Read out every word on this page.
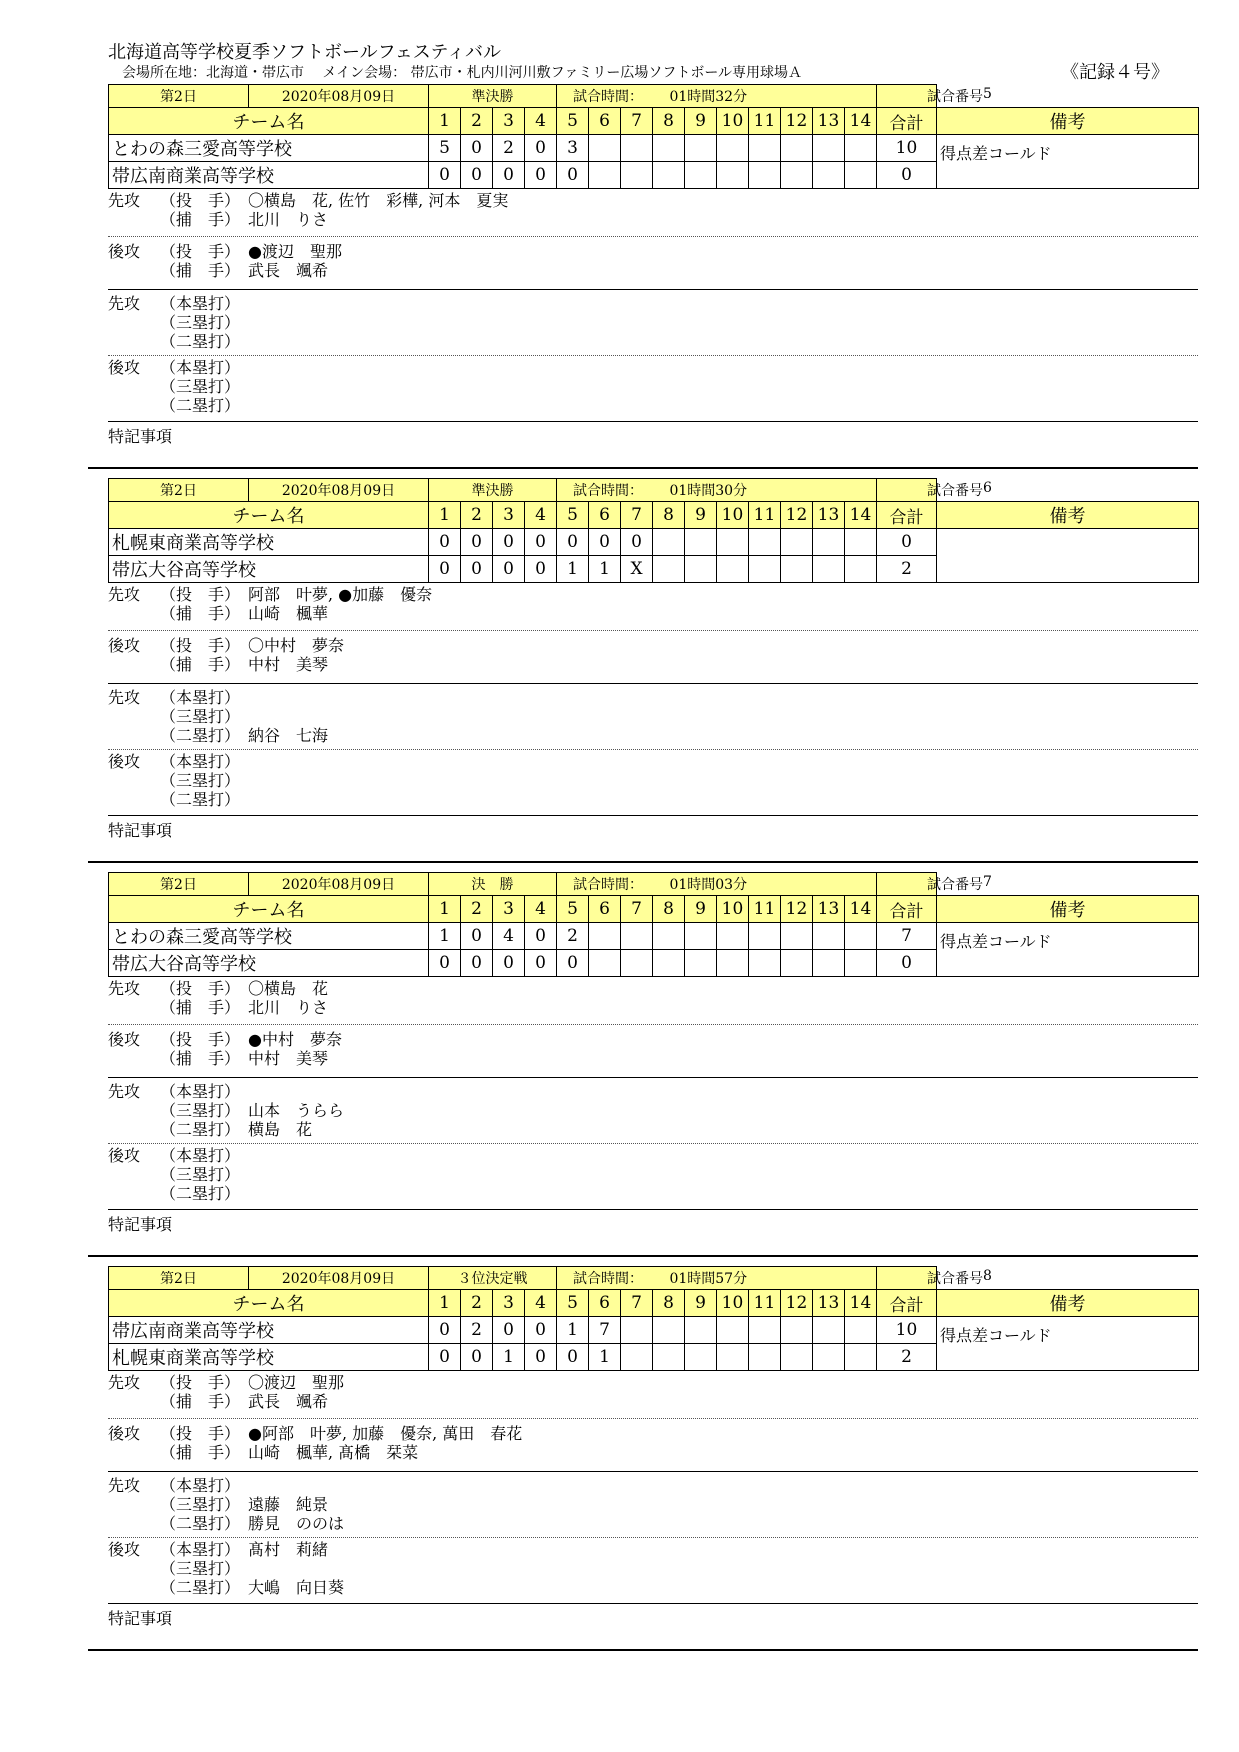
北海道高等学校夏季ソフトボールフェスティバル
会場所在地：北海道・帯広市　 メイン会場： 帯広市・札内川河川敷ファミリー広場ソフトボール専用球場Ａ	《記録４号》
第2日	2020年08月09日	準決勝				試合時間： 01時間32分										試合番号 5	

チーム名		1	2	3	4	5	6	7	8	9	10	11	12	13	14	合計	備考
とわの森三愛高等学校		5	0	2	0	3										10	得点差コールド
帯広南商業高等学校		0	0	0	0	0										0	
先攻 （投　手） 〇横島　花, 佐竹　彩樺, 河本　夏実
（捕　手） 北川　りさ
後攻 （投　手） ●渡辺　聖那
（捕　手） 武長　颯希
先攻 （本塁打）
（三塁打）
（二塁打）
後攻 （本塁打）
（三塁打）
（二塁打）
特記事項
第2日	2020年08月09日	準決勝				試合時間： 01時間30分										試合番号 6	

チーム名		1	2	3	4	5	6	7	8	9	10	11	12	13	14	合計	備考
札幌東商業高等学校		0	0	0	0	0	0	0								0	
帯広大谷高等学校		0	0	0	0	1	1	X								2	
先攻 （投　手） 阿部　叶夢, ●加藤　優奈
（捕　手） 山崎　楓華
後攻 （投　手） 〇中村　夢奈
（捕　手） 中村　美琴
先攻 （本塁打）
（三塁打）
（二塁打） 納谷　七海
後攻 （本塁打）
（三塁打）
（二塁打）
特記事項
第2日	2020年08月09日	決　勝				試合時間： 01時間03分										試合番号 7	

チーム名		1	2	3	4	5	6	7	8	9	10	11	12	13	14	合計	備考
とわの森三愛高等学校		1	0	4	0	2										7	得点差コールド
帯広大谷高等学校		0	0	0	0	0										0	
先攻 （投　手） 〇横島　花
（捕　手） 北川　りさ
後攻 （投　手） ●中村　夢奈
（捕　手） 中村　美琴
先攻 （本塁打）
（三塁打） 山本　うらら
（二塁打） 横島　花
後攻 （本塁打）
（三塁打）
（二塁打）
特記事項
第2日	2020年08月09日	３位決定戦				試合時間： 01時間57分										試合番号 8	

チーム名		1	2	3	4	5	6	7	8	9	10	11	12	13	14	合計	備考
帯広南商業高等学校		0	2	0	0	1	7									10	得点差コールド
札幌東商業高等学校		0	0	1	0	0	1									2	
先攻 （投　手） 〇渡辺　聖那
（捕　手） 武長　颯希
後攻 （投　手） ●阿部　叶夢, 加藤　優奈, 萬田　春花
（捕　手） 山崎　楓華, 髙橋　栞菜
先攻 （本塁打）
（三塁打） 遠藤　純景
（二塁打） 勝見　ののは
後攻 （本塁打） 髙村　莉緒
（三塁打）
（二塁打） 大嶋　向日葵
特記事項
